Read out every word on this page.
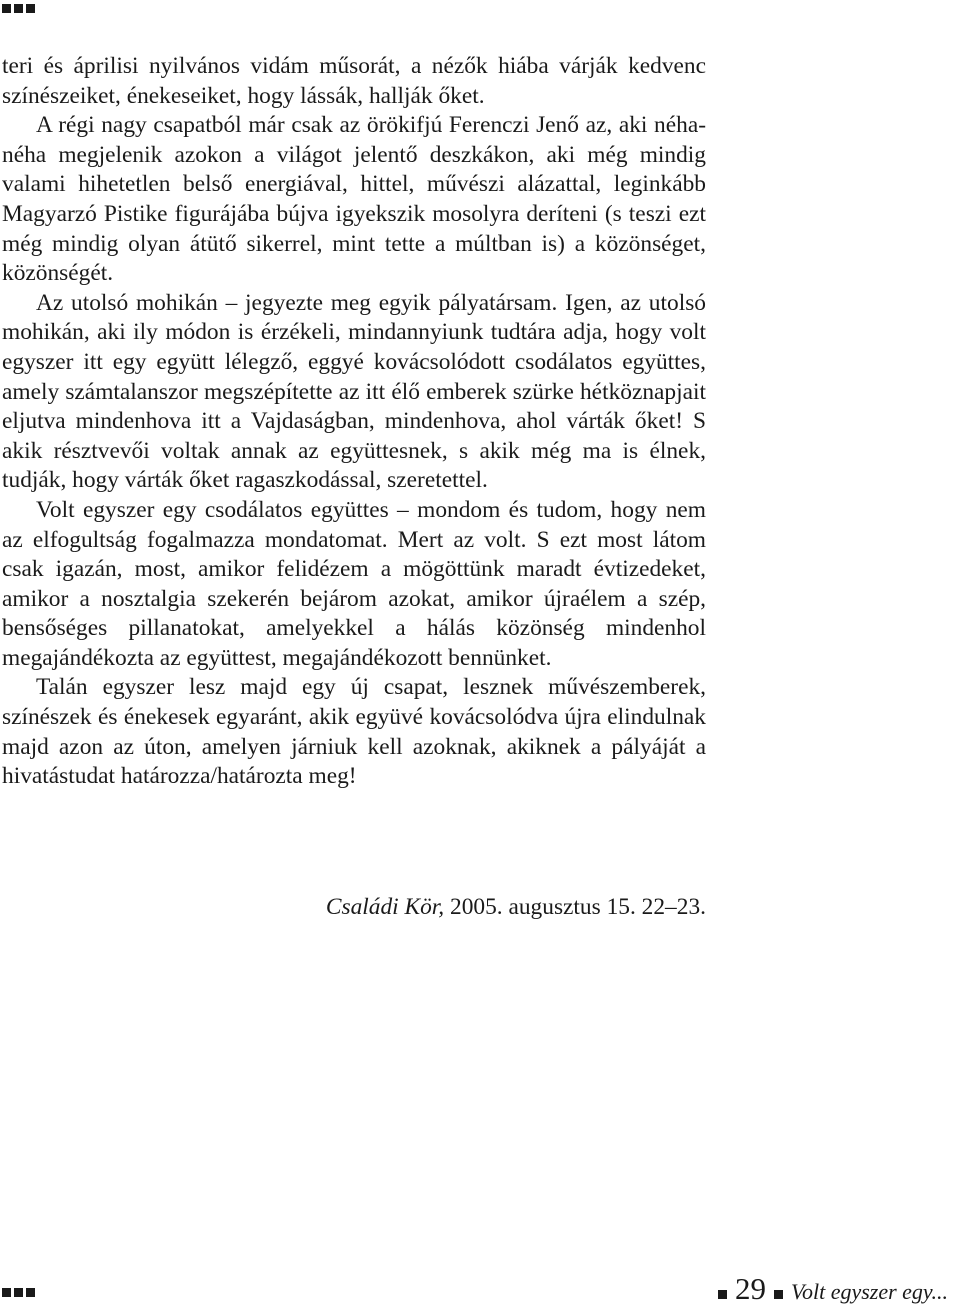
teri és áprilisi nyilvános vidám műsorát, a nézők hiába várják kedvenc színészeiket, énekeseiket, hogy lássák, hallják őket.

A régi nagy csapatból már csak az örökifjú Ferenczi Jenő az, aki néha-néha megjelenik azokon a világot jelentő deszkákon, aki még mindig valami hihetetlen belső energiával, hittel, művészi alázattal, leginkább Magyarzó Pistike figurájába bújva igyekszik mosolyra deríteni (s teszi ezt még mindig olyan átütő sikerrel, mint tette a múltban is) a közönséget, közönségét.

Az utolsó mohikán – jegyezte meg egyik pályatársam. Igen, az utolsó mohikán, aki ily módon is érzékeli, mindannyiunk tudtára adja, hogy volt egyszer itt egy együtt lélegző, eggyé kovácsolódott csodálatos együttes, amely számtalanszor megszépítette az itt élő emberek szürke hétköznapjait eljutva mindenhova itt a Vajdaságban, mindenhova, ahol várták őket! S akik résztvevői voltak annak az együttesnek, s akik még ma is élnek, tudják, hogy várták őket ragaszkodással, szeretettel.

Volt egyszer egy csodálatos együttes – mondom és tudom, hogy nem az elfogultság fogalmazza mondatomat. Mert az volt. S ezt most látom csak igazán, most, amikor felidézem a mögöttünk maradt évtizedeket, amikor a nosztalgia szekerén bejárom azokat, amikor újraélem a szép, bensőséges pillanatokat, amelyekkel a hálás közönség mindenhol megajándékozta az együttest, megajándékozott bennünket.

Talán egyszer lesz majd egy új csapat, lesznek művészemberek, színészek és énekesek egyaránt, akik együvé kovácsolódva újra elindulnak majd azon az úton, amelyen járniuk kell azoknak, akiknek a pályáját a hivatástudat határozza/határozta meg!

Családi Kör, 2005. augusztus 15. 22–23.
29 Volt egyszer egy...
